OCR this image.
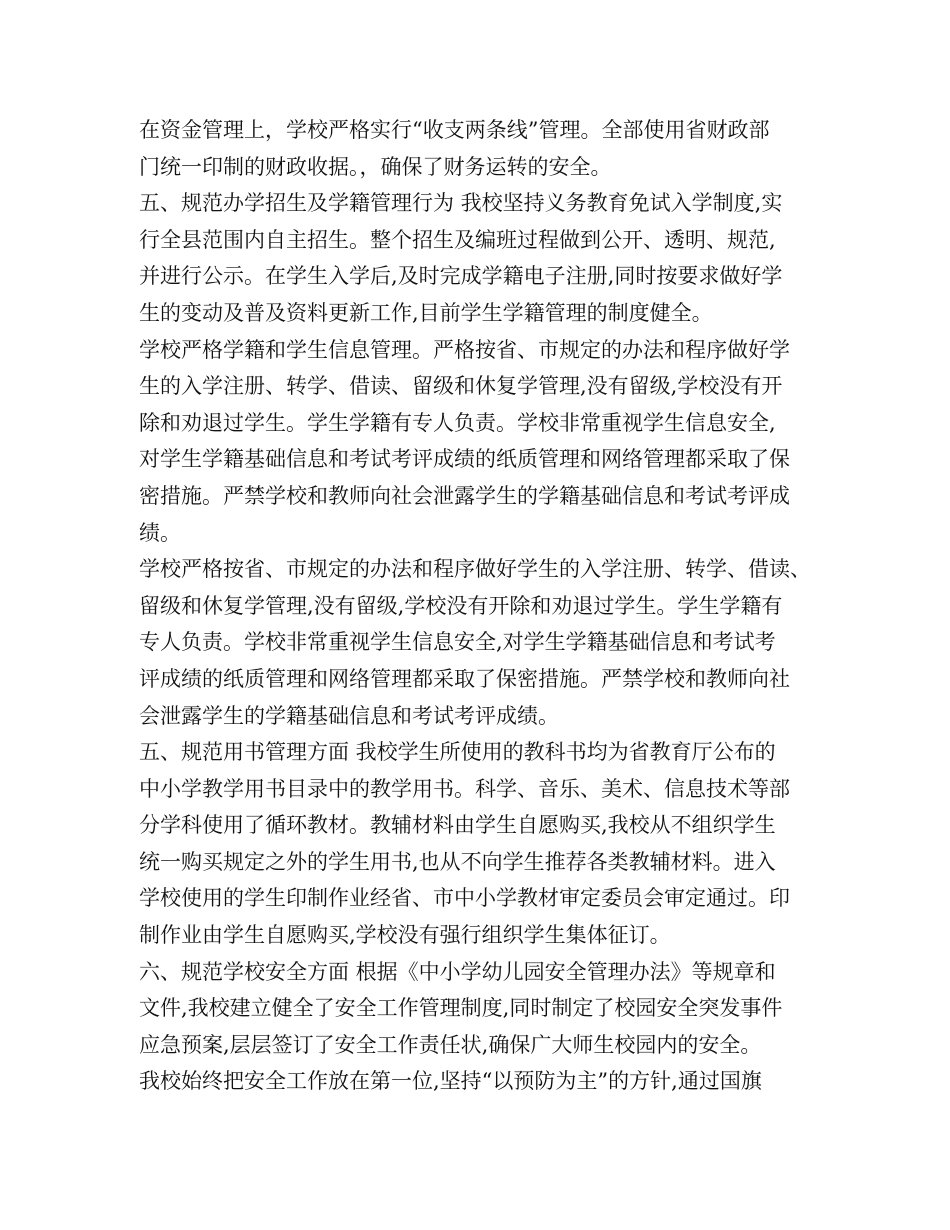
在资金管理上，学校严格实行“收支两条线”管理。全部使用省财政部
门统一印制的财政收据。，确保了财务运转的安全。
五、规范办学招生及学籍管理行为 我校坚持义务教育免试入学制度,实
行全县范围内自主招生。整个招生及编班过程做到公开、透明、规范,
并进行公示。在学生入学后,及时完成学籍电子注册,同时按要求做好学
生的变动及普及资料更新工作,目前学生学籍管理的制度健全。
学校严格学籍和学生信息管理。严格按省、市规定的办法和程序做好学
生的入学注册、转学、借读、留级和休复学管理,没有留级,学校没有开
除和劝退过学生。学生学籍有专人负责。学校非常重视学生信息安全,
对学生学籍基础信息和考试考评成绩的纸质管理和网络管理都采取了保
密措施。严禁学校和教师向社会泄露学生的学籍基础信息和考试考评成
绩。
学校严格按省、市规定的办法和程序做好学生的入学注册、转学、借读、
留级和休复学管理,没有留级,学校没有开除和劝退过学生。学生学籍有
专人负责。学校非常重视学生信息安全,对学生学籍基础信息和考试考
评成绩的纸质管理和网络管理都采取了保密措施。严禁学校和教师向社
会泄露学生的学籍基础信息和考试考评成绩。
五、规范用书管理方面 我校学生所使用的教科书均为省教育厅公布的
中小学教学用书目录中的教学用书。科学、音乐、美术、信息技术等部
分学科使用了循环教材。教辅材料由学生自愿购买,我校从不组织学生
统一购买规定之外的学生用书,也从不向学生推荐各类教辅材料。进入
学校使用的学生印制作业经省、市中小学教材审定委员会审定通过。印
制作业由学生自愿购买,学校没有强行组织学生集体征订。
六、规范学校安全方面 根据《中小学幼儿园安全管理办法》等规章和
文件,我校建立健全了安全工作管理制度,同时制定了校园安全突发事件
应急预案,层层签订了安全工作责任状,确保广大师生校园内的安全。
我校始终把安全工作放在第一位,坚持“以预防为主”的方针,通过国旗
